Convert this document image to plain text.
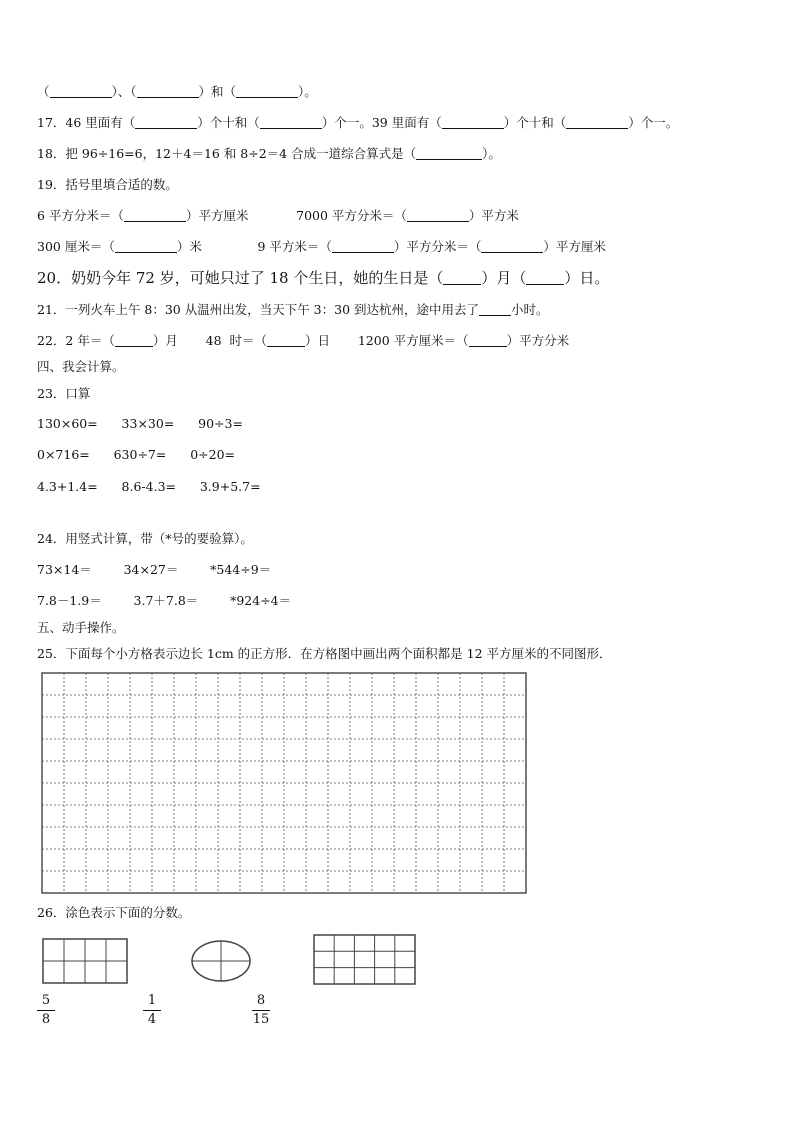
（	）、（	）和（	）。
17．46 里面有（	）个十和（	）个一。39 里面有（	）个十和（	）个一。
18．把 96÷16=6，12＋4＝16 和 8÷2＝4 合成一道综合算式是（	）。
19．括号里填合适的数。
6 平方分米＝（	）平方厘米            7000 平方分米＝（	）平方米
300 厘米＝（	）米              9 平方米＝（	）平方分米＝（	）平方厘米
20．奶奶今年 72 岁，可她只过了 18 个生日，她的生日是（	）月（	）日。
21．一列火车上午 8：30 从温州出发，当天下午 3：30 到达杭州，途中用去了	小时。
22．2 年＝（	）月       48  时＝（	）日       1200 平方厘米＝（	）平方分米
四、我会计算。
23．口算
130×60=      33×30=      90÷3=
0×716=      630÷7=      0÷20=
4.3+1.4=      8.6-4.3=      3.9+5.7=
24．用竖式计算，带（*号的要验算）。
73×14＝        34×27＝        *544÷9＝
7.8－1.9＝        3.7＋7.8＝        *924÷4＝
五、动手操作。
25．下面每个小方格表示边长 1cm 的正方形．在方格图中画出两个面积都是 12 平方厘米的不同图形．
26．涂色表示下面的分数。
5
8
1
4
8
15
